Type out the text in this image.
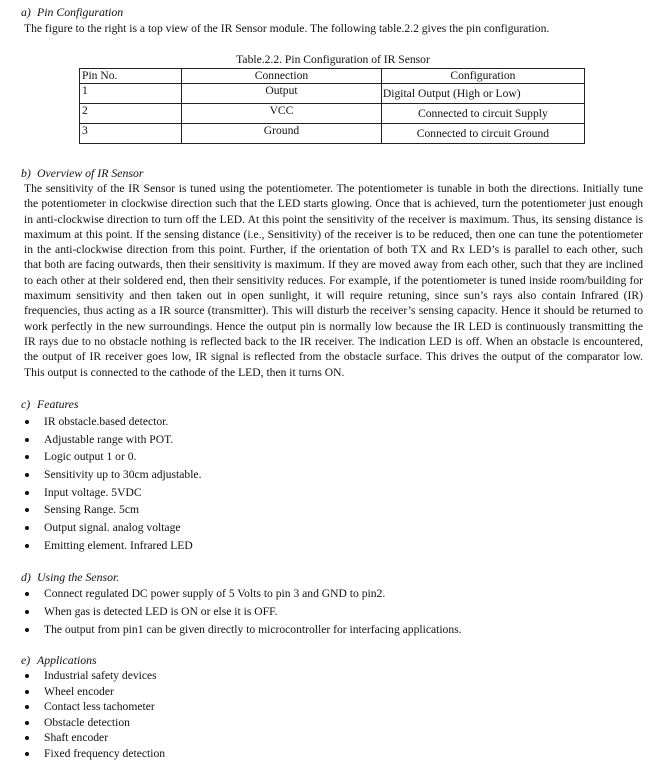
a) Pin Configuration
The figure to the right is a top view of the IR Sensor module. The following table.2.2 gives the pin configuration.
Table.2.2. Pin Configuration of IR Sensor
Pin No.	Connection	Configuration
1	Output	Digital Output (High or Low)
2	VCC	Connected to circuit Supply
3	Ground	Connected to circuit Ground
b) Overview of IR Sensor
The sensitivity of the IR Sensor is tuned using the potentiometer. The potentiometer is tunable in both the directions. Initially tune
the potentiometer in clockwise direction such that the LED starts glowing. Once that is achieved, turn the potentiometer just enough
in anti-clockwise direction to turn off the LED. At this point the sensitivity of the receiver is maximum. Thus, its sensing distance is
maximum at this point. If the sensing distance (i.e., Sensitivity) of the receiver is to be reduced, then one can tune the potentiometer
in the anti-clockwise direction from this point. Further, if the orientation of both TX and Rx LED’s is parallel to each other, such
that both are facing outwards, then their sensitivity is maximum. If they are moved away from each other, such that they are inclined
to each other at their soldered end, then their sensitivity reduces. For example, if the potentiometer is tuned inside room/building for
maximum sensitivity and then taken out in open sunlight, it will require retuning, since sun’s rays also contain Infrared (IR)
frequencies, thus acting as a IR source (transmitter). This will disturb the receiver’s sensing capacity. Hence it should be returned to
work perfectly in the new surroundings. Hence the output pin is normally low because the IR LED is continuously transmitting the
IR rays due to no obstacle nothing is reflected back to the IR receiver. The indication LED is off. When an obstacle is encountered,
the output of IR receiver goes low, IR signal is reflected from the obstacle surface. This drives the output of the comparator low.
This output is connected to the cathode of the LED, then it turns ON.
c) Features
IR obstacle.based detector.
Adjustable range with POT.
Logic output 1 or 0.
Sensitivity up to 30cm adjustable.
Input voltage. 5VDC
Sensing Range. 5cm
Output signal. analog voltage
Emitting element. Infrared LED
d) Using the Sensor.
Connect regulated DC power supply of 5 Volts to pin 3 and GND to pin2.
When gas is detected LED is ON or else it is OFF.
The output from pin1 can be given directly to microcontroller for interfacing applications.
e) Applications
Industrial safety devices
Wheel encoder
Contact less tachometer
Obstacle detection
Shaft encoder
Fixed frequency detection
